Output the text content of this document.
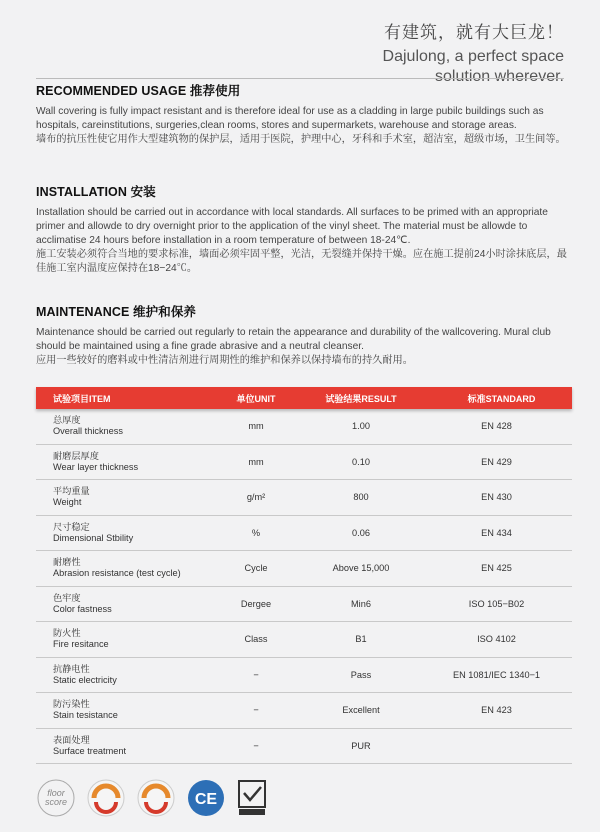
有建筑，就有大巨龙！
Dajulong, a perfect space
solution wherever.
RECOMMENDED USAGE 推荐使用

Wall covering is fully impact resistant and is therefore ideal for use as a cladding in large pubilc buildings such as hospitals, careinstitutions, surgeries,clean rooms, stores and supermarkets, warehouse and storage areas.

墙布的抗压性使它用作大型建筑物的保护层，适用于医院，护理中心，牙科和手术室，超洁室，超级市场，卫生间等。

INSTALLATION 安装

Installation should be carried out in accordance with local standards. All surfaces to be primed with an appropriate primer and allowde to dry overnight prior to the application of the vinyl sheet. The material must be allowde to acclimatise 24 hours before installation in a room temperature of between 18-24℃.

施工安装必须符合当地的要求标准，墙面必须牢固平整，光洁，无裂缝并保持干燥。应在施工提前24小时涂抹底层，最佳施工室内温度应保持在18−24℃。

MAINTENANCE 维护和保养

Maintenance should be carried out regularly to retain the appearance and durability of the wallcovering. Mural club should be maintained using a fine grade abrasive and a neutral cleanser.

应用一些较好的磨料或中性清洁剂进行周期性的维护和保养以保持墙布的持久耐用。

试验项目ITEM	单位UNIT	试验结果RESULT	标准STANDARD
总厚度
Overall thickness	mm	1.00	EN 428
耐磨层厚度
Wear layer thickness	mm	0.10	EN 429
平均重量
Weight	g/m²	800	EN 430
尺寸稳定
Dimensional Stbility	%	0.06	EN 434
耐磨性
Abrasion resistance (test cycle)	Cycle	Above 15,000	EN 425
色牢度
Color fastness	Dergee	Min6	ISO 105−B02
防火性
Fire resitance	Class	B1	ISO 4102
抗静电性
Static electricity	−	Pass	EN 1081/IEC 1340−1
防污染性
Stain tesistance	−	Excellent	EN 423
表面处理
Surface treatment	−	PUR
floor
score	CE
